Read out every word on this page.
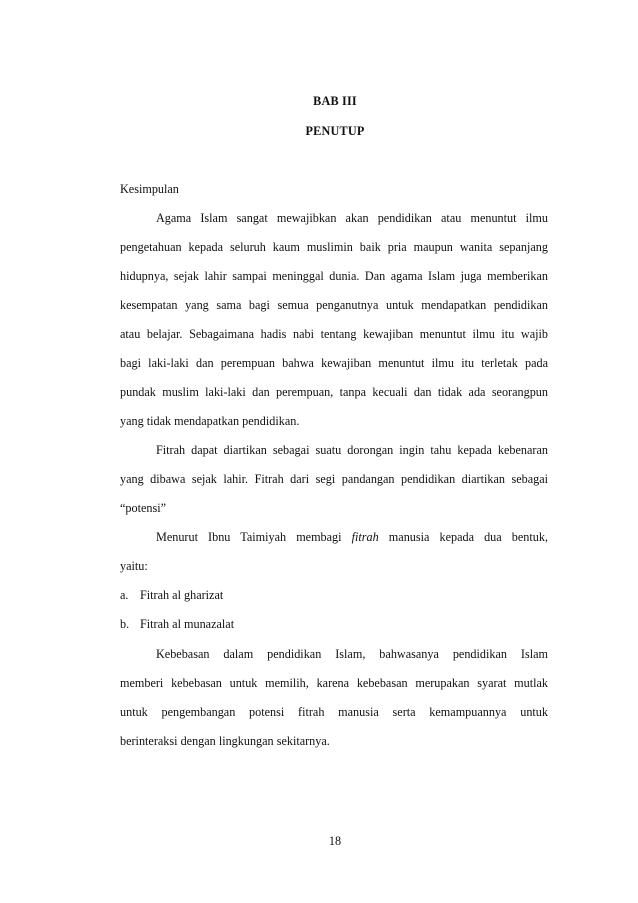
BAB III
PENUTUP
Kesimpulan
Agama Islam sangat mewajibkan akan pendidikan atau menuntut ilmu
pengetahuan kepada seluruh kaum muslimin baik pria maupun wanita sepanjang
hidupnya, sejak lahir sampai meninggal dunia. Dan agama Islam juga memberikan
kesempatan yang sama bagi semua penganutnya untuk mendapatkan pendidikan
atau belajar. Sebagaimana hadis nabi tentang kewajiban menuntut ilmu itu wajib
bagi laki-laki dan perempuan bahwa kewajiban menuntut ilmu itu terletak pada
pundak muslim laki-laki dan perempuan, tanpa kecuali dan tidak ada seorangpun
yang tidak mendapatkan pendidikan.
Fitrah dapat diartikan sebagai suatu dorongan ingin tahu kepada kebenaran
yang dibawa sejak lahir. Fitrah dari segi pandangan pendidikan diartikan sebagai
“potensi”
Menurut Ibnu Taimiyah membagi fitrah manusia kepada dua bentuk,
yaitu:
a. Fitrah al gharizat
b. Fitrah al munazalat
Kebebasan dalam pendidikan Islam, bahwasanya pendidikan Islam
memberi kebebasan untuk memilih, karena kebebasan merupakan syarat mutlak
untuk pengembangan potensi fitrah manusia serta kemampuannya untuk
berinteraksi dengan lingkungan sekitarnya.
18
